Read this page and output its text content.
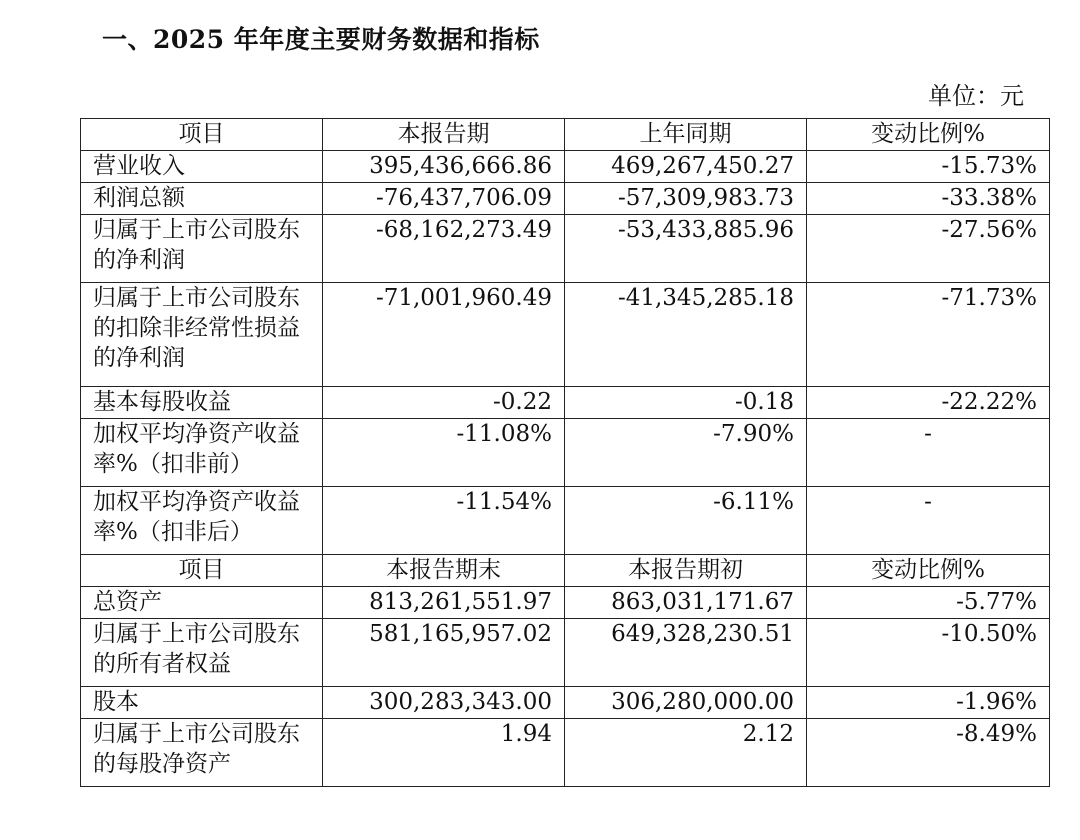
一、2025 年年度主要财务数据和指标
单位：元
项目	本报告期	上年同期	变动比例%
营业收入	395,436,666.86	469,267,450.27	-15.73%
利润总额	-76,437,706.09	-57,309,983.73	-33.38%
归属于上市公司股东的净利润	-68,162,273.49	-53,433,885.96	-27.56%
归属于上市公司股东的扣除非经常性损益的净利润	-71,001,960.49	-41,345,285.18	-71.73%
基本每股收益	-0.22	-0.18	-22.22%
加权平均净资产收益率%（扣非前）	-11.08%	-7.90%	-
加权平均净资产收益率%（扣非后）	-11.54%	-6.11%	-
项目	本报告期末	本报告期初	变动比例%
总资产	813,261,551.97	863,031,171.67	-5.77%
归属于上市公司股东的所有者权益	581,165,957.02	649,328,230.51	-10.50%
股本	300,283,343.00	306,280,000.00	-1.96%
归属于上市公司股东的每股净资产	1.94	2.12	-8.49%
